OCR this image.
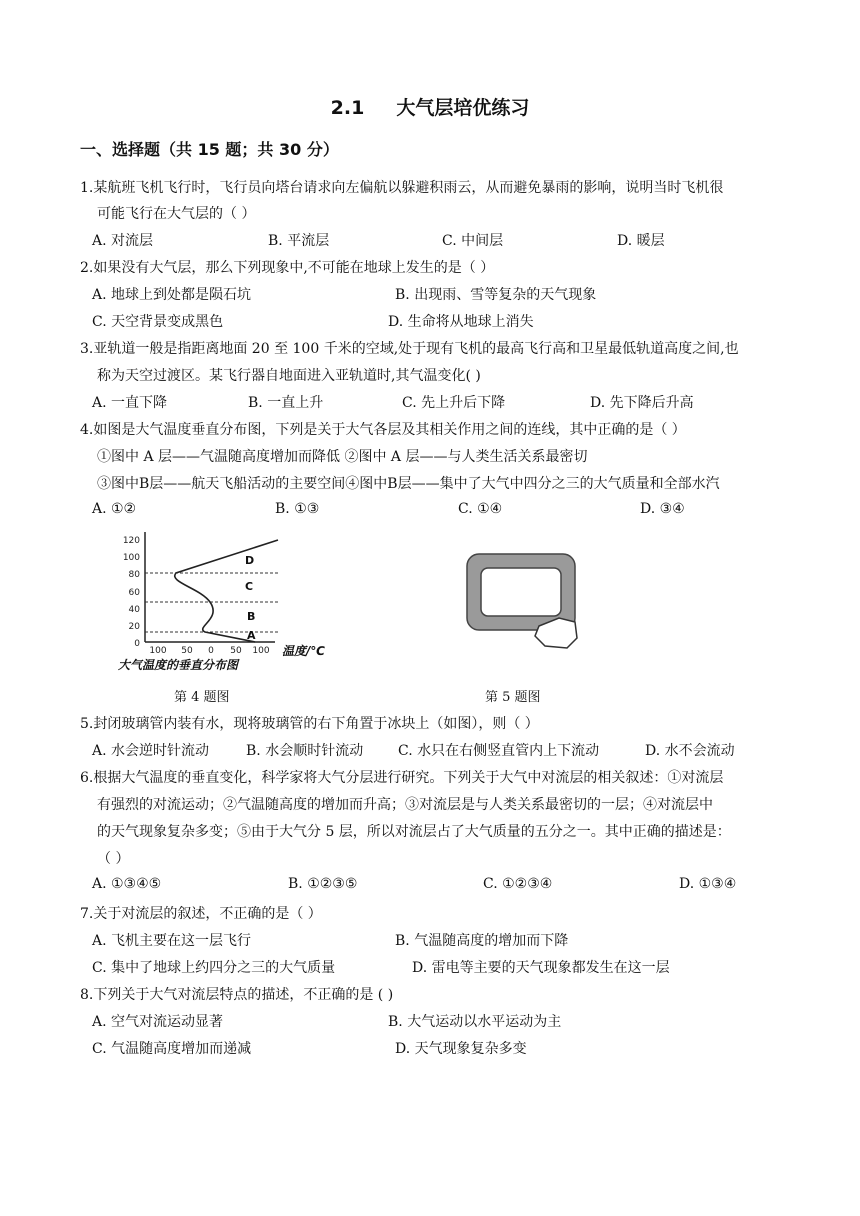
2.1 大气层培优练习
一、选择题（共 15 题；共 30 分）
1.某航班飞机飞行时，飞行员向塔台请求向左偏航以躲避积雨云，从而避免暴雨的影响，说明当时飞机很
可能飞行在大气层的（ ）
A. 对流层	B. 平流层	C. 中间层	D. 暖层
2.如果没有大气层，那么下列现象中,不可能在地球上发生的是（ ）
A. 地球上到处都是陨石坑	B. 出现雨、雪等复杂的天气现象
C. 天空背景变成黑色	D. 生命将从地球上消失
3.亚轨道一般是指距离地面 20 至 100 千米的空域,处于现有飞机的最高飞行高和卫星最低轨道高度之间,也
称为天空过渡区。某飞行器自地面进入亚轨道时,其气温变化( )
A. 一直下降	B. 一直上升	C. 先上升后下降	D. 先下降后升高
4.如图是大气温度垂直分布图，下列是关于大气各层及其相关作用之间的连线，其中正确的是（ ）
①图中 A 层——气温随高度增加而降低 ②图中 A 层——与人类生活关系最密切
③图中B层——航天飞船活动的主要空间④图中B层——集中了大气中四分之三的大气质量和全部水汽
A. ①②	B. ①③	C. ①④	D. ③④
120
100
80
60
40
20
0
D
C
B
A
100 50 0 50 100 温度/℃
大气温度的垂直分布图
第 4 题图	第 5 题图
5.封闭玻璃管内装有水，现将玻璃管的右下角置于冰块上（如图），则（ ）
A. 水会逆时针流动	B. 水会顺时针流动 C. 水只在右侧竖直管内上下流动	D. 水不会流动
6.根据大气温度的垂直变化，科学家将大气分层进行研究。下列关于大气中对流层的相关叙述：①对流层
有强烈的对流运动；②气温随高度的增加而升高；③对流层是与人类关系最密切的一层；④对流层中
的天气现象复杂多变；⑤由于大气分 5 层，所以对流层占了大气质量的五分之一。其中正确的描述是：
（ ）
A. ①③④⑤	B. ①②③⑤	C. ①②③④	D. ①③④
7.关于对流层的叙述，不正确的是（ ）
A. 飞机主要在这一层飞行	B. 气温随高度的增加而下降
C. 集中了地球上约四分之三的大气质量	D. 雷电等主要的天气现象都发生在这一层
8.下列关于大气对流层特点的描述，不正确的是 ( )
A. 空气对流运动显著	B. 大气运动以水平运动为主
C. 气温随高度增加而递减	D. 天气现象复杂多变
